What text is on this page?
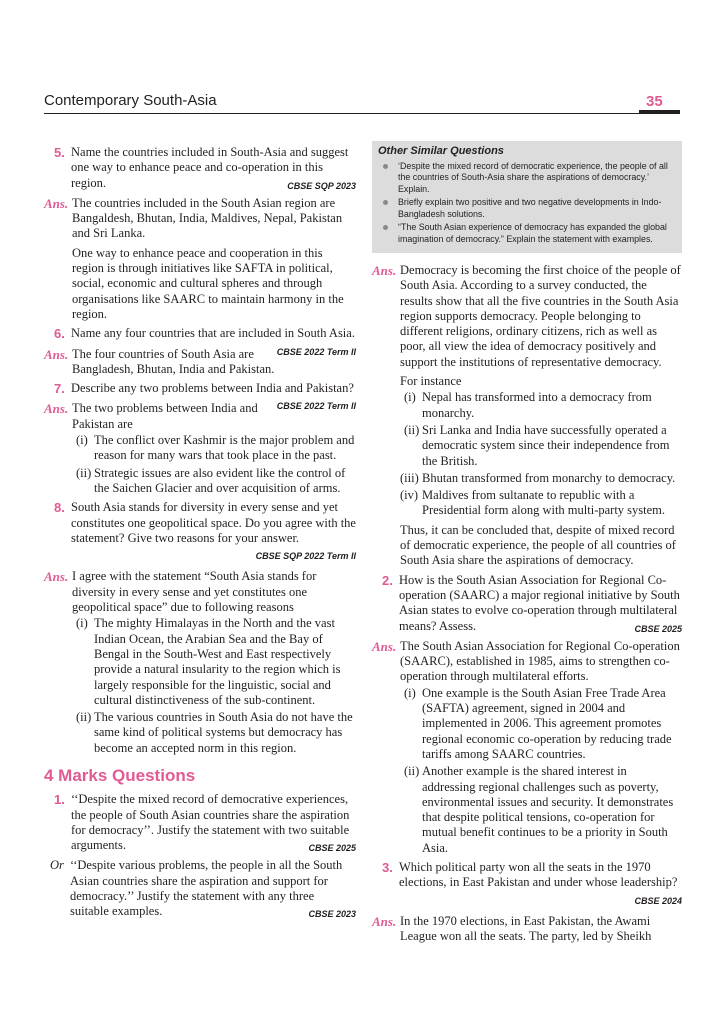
Contemporary South-Asia	35
5. Name the countries included in South-Asia and suggest one way to enhance peace and co-operation in this region.	CBSE SQP 2023
Ans. The countries included in the South Asian region are Bangaldesh, Bhutan, India, Maldives, Nepal, Pakistan and Sri Lanka.
One way to enhance peace and cooperation in this region is through initiatives like SAFTA in political, social, economic and cultural spheres and through organisations like SAARC to maintain harmony in the region.
6. Name any four countries that are included in South Asia.
CBSE 2022 Term II
Ans. The four countries of South Asia are Bangladesh, Bhutan, India and Pakistan.
7. Describe any two problems between India and Pakistan?
CBSE 2022 Term II
Ans. The two problems between India and Pakistan are
(i) The conflict over Kashmir is the major problem and reason for many wars that took place in the past.
(ii) Strategic issues are also evident like the control of the Saichen Glacier and over acquisition of arms.
8. South Asia stands for diversity in every sense and yet constitutes one geopolitical space. Do you agree with the statement? Give two reasons for your answer.
CBSE SQP 2022 Term II
Ans. I agree with the statement “South Asia stands for diversity in every sense and yet constitutes one geopolitical space” due to following reasons
(i) The mighty Himalayas in the North and the vast Indian Ocean, the Arabian Sea and the Bay of Bengal in the South-West and East respectively provide a natural insularity to the region which is largely responsible for the linguistic, social and cultural distinctiveness of the sub-continent.
(ii) The various countries in South Asia do not have the same kind of political systems but democracy has become an accepted norm in this region.
4 Marks Questions
1. ‘‘Despite the mixed record of democrative experiences, the people of South Asian countries share the aspiration for democracy’’. Justify the statement with two suitable arguments.	CBSE 2025
Or ‘‘Despite various problems, the people in all the South Asian countries share the aspiration and support for democracy.’’ Justify the statement with any three suitable examples.	CBSE 2023
Other Similar Questions
‘Despite the mixed record of democratic experience, the people of all the countries of South-Asia share the aspirations of democracy.’ Explain.
Briefly explain two positive and two negative developments in Indo-Bangladesh solutions.
“The South Asian experience of democracy has expanded the global imagination of democracy.” Explain the statement with examples.
Ans. Democracy is becoming the first choice of the people of South Asia. According to a survey conducted, the results show that all the five countries in the South Asia region supports democracy. People belonging to different religions, ordinary citizens, rich as well as poor, all view the idea of democracy positively and support the institutions of representative democracy.
For instance
(i) Nepal has transformed into a democracy from monarchy.
(ii) Sri Lanka and India have successfully operated a democratic system since their independence from the British.
(iii) Bhutan transformed from monarchy to democracy.
(iv) Maldives from sultanate to republic with a Presidential form along with multi-party system.
Thus, it can be concluded that, despite of mixed record of democratic experience, the people of all countries of South Asia share the aspirations of democracy.
2. How is the South Asian Association for Regional Co-operation (SAARC) a major regional initiative by South Asian states to evolve co-operation through multilateral means? Assess.	CBSE 2025
Ans. The South Asian Association for Regional Co-operation (SAARC), established in 1985, aims to strengthen co-operation through multilateral efforts.
(i) One example is the South Asian Free Trade Area (SAFTA) agreement, signed in 2004 and implemented in 2006. This agreement promotes regional economic co-operation by reducing trade tariffs among SAARC countries.
(ii) Another example is the shared interest in addressing regional challenges such as poverty, environmental issues and security. It demonstrates that despite political tensions, co-operation for mutual benefit continues to be a priority in South Asia.
3. Which political party won all the seats in the 1970 elections, in East Pakistan and under whose leadership?
CBSE 2024
Ans. In the 1970 elections, in East Pakistan, the Awami League won all the seats. The party, led by Sheikh
